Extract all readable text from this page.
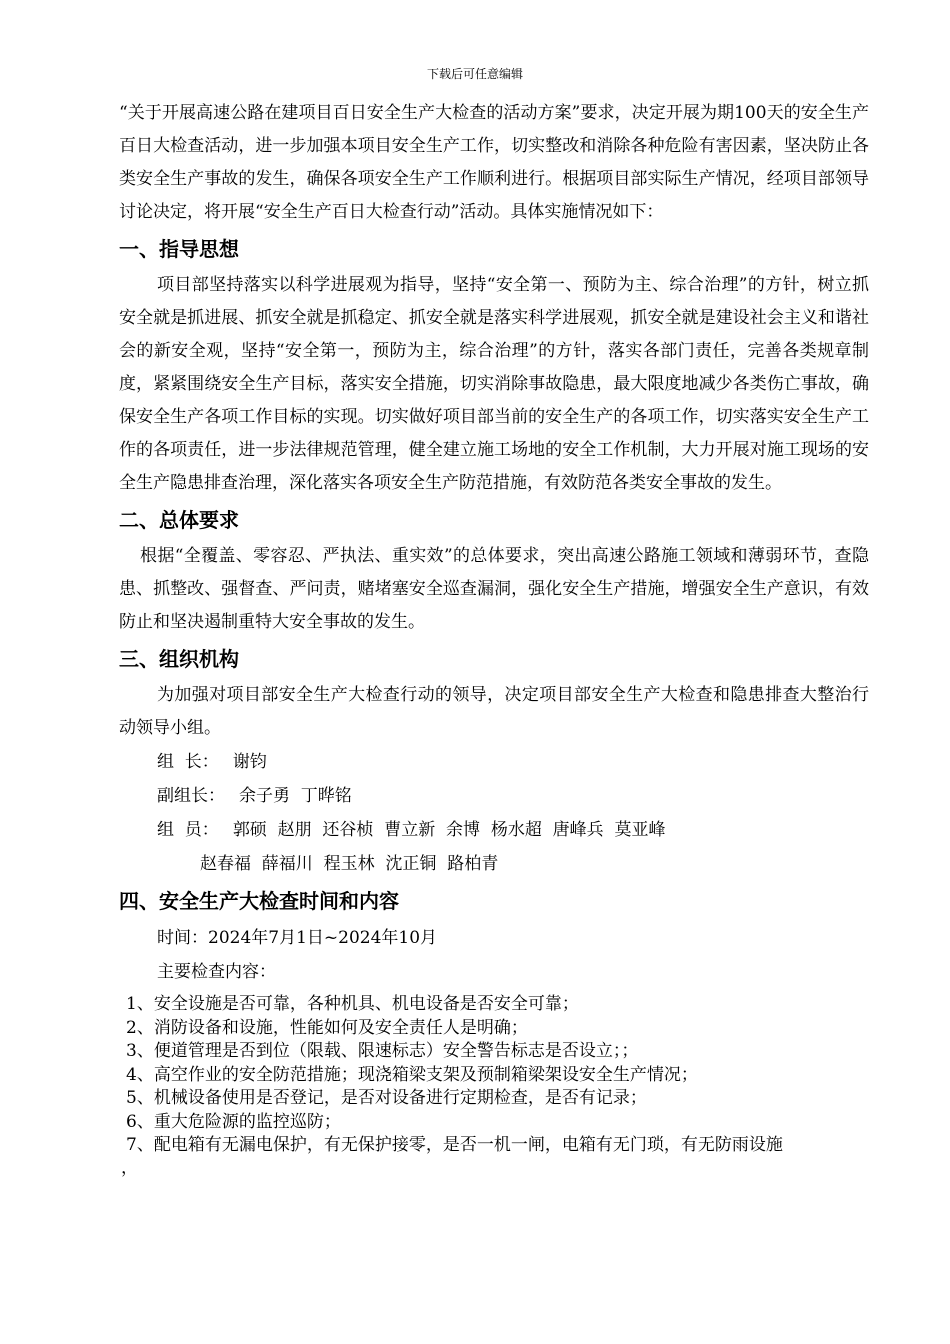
下载后可任意编辑

“关于开展高速公路在建项目百日安全生产大检查的活动方案”要求，决定开展为期100天的安全生产百日大检查活动，进一步加强本项目安全生产工作，切实整改和消除各种危险有害因素，坚决防止各类安全生产事故的发生，确保各项安全生产工作顺利进行。根据项目部实际生产情况，经项目部领导讨论决定，将开展“安全生产百日大检查行动”活动。具体实施情况如下：

一、指导思想

项目部坚持落实以科学进展观为指导，坚持“安全第一、预防为主、综合治理”的方针，树立抓安全就是抓进展、抓安全就是抓稳定、抓安全就是落实科学进展观，抓安全就是建设社会主义和谐社会的新安全观，坚持“安全第一，预防为主，综合治理”的方针，落实各部门责任，完善各类规章制度，紧紧围绕安全生产目标，落实安全措施，切实消除事故隐患，最大限度地减少各类伤亡事故，确保安全生产各项工作目标的实现。切实做好项目部当前的安全生产的各项工作，切实落实安全生产工作的各项责任，进一步法律规范管理，健全建立施工场地的安全工作机制，大力开展对施工现场的安全生产隐患排查治理，深化落实各项安全生产防范措施，有效防范各类安全事故的发生。

二、总体要求

根据“全覆盖、零容忍、严执法、重实效”的总体要求，突出高速公路施工领域和薄弱环节，查隐患、抓整改、强督查、严问责，赌堵塞安全巡查漏洞，强化安全生产措施，增强安全生产意识，有效防止和坚决遏制重特大安全事故的发生。

三、组织机构

为加强对项目部安全生产大检查行动的领导，决定项目部安全生产大检查和隐患排查大整治行动领导小组。

组  长： 谢钧

副组长： 余子勇  丁晔铭

组  员： 郭硕  赵朋  还谷桢  曹立新  余博  杨水超  唐峰兵  莫亚峰

赵春福  薛福川  程玉林  沈正铜  路柏青

四、安全生产大检查时间和内容

时间：2024年7月1日~2024年10月

主要检查内容：

1、安全设施是否可靠，各种机具、机电设备是否安全可靠；

2、消防设备和设施，性能如何及安全责任人是明确；

3、便道管理是否到位（限载、限速标志）安全警告标志是否设立；；

4、高空作业的安全防范措施；现浇箱梁支架及预制箱梁架设安全生产情况；

5、机械设备使用是否登记，是否对设备进行定期检查，是否有记录；

6、重大危险源的监控巡防；

7、配电箱有无漏电保护，有无保护接零，是否一机一闸，电箱有无门琐，有无防雨设施

，
